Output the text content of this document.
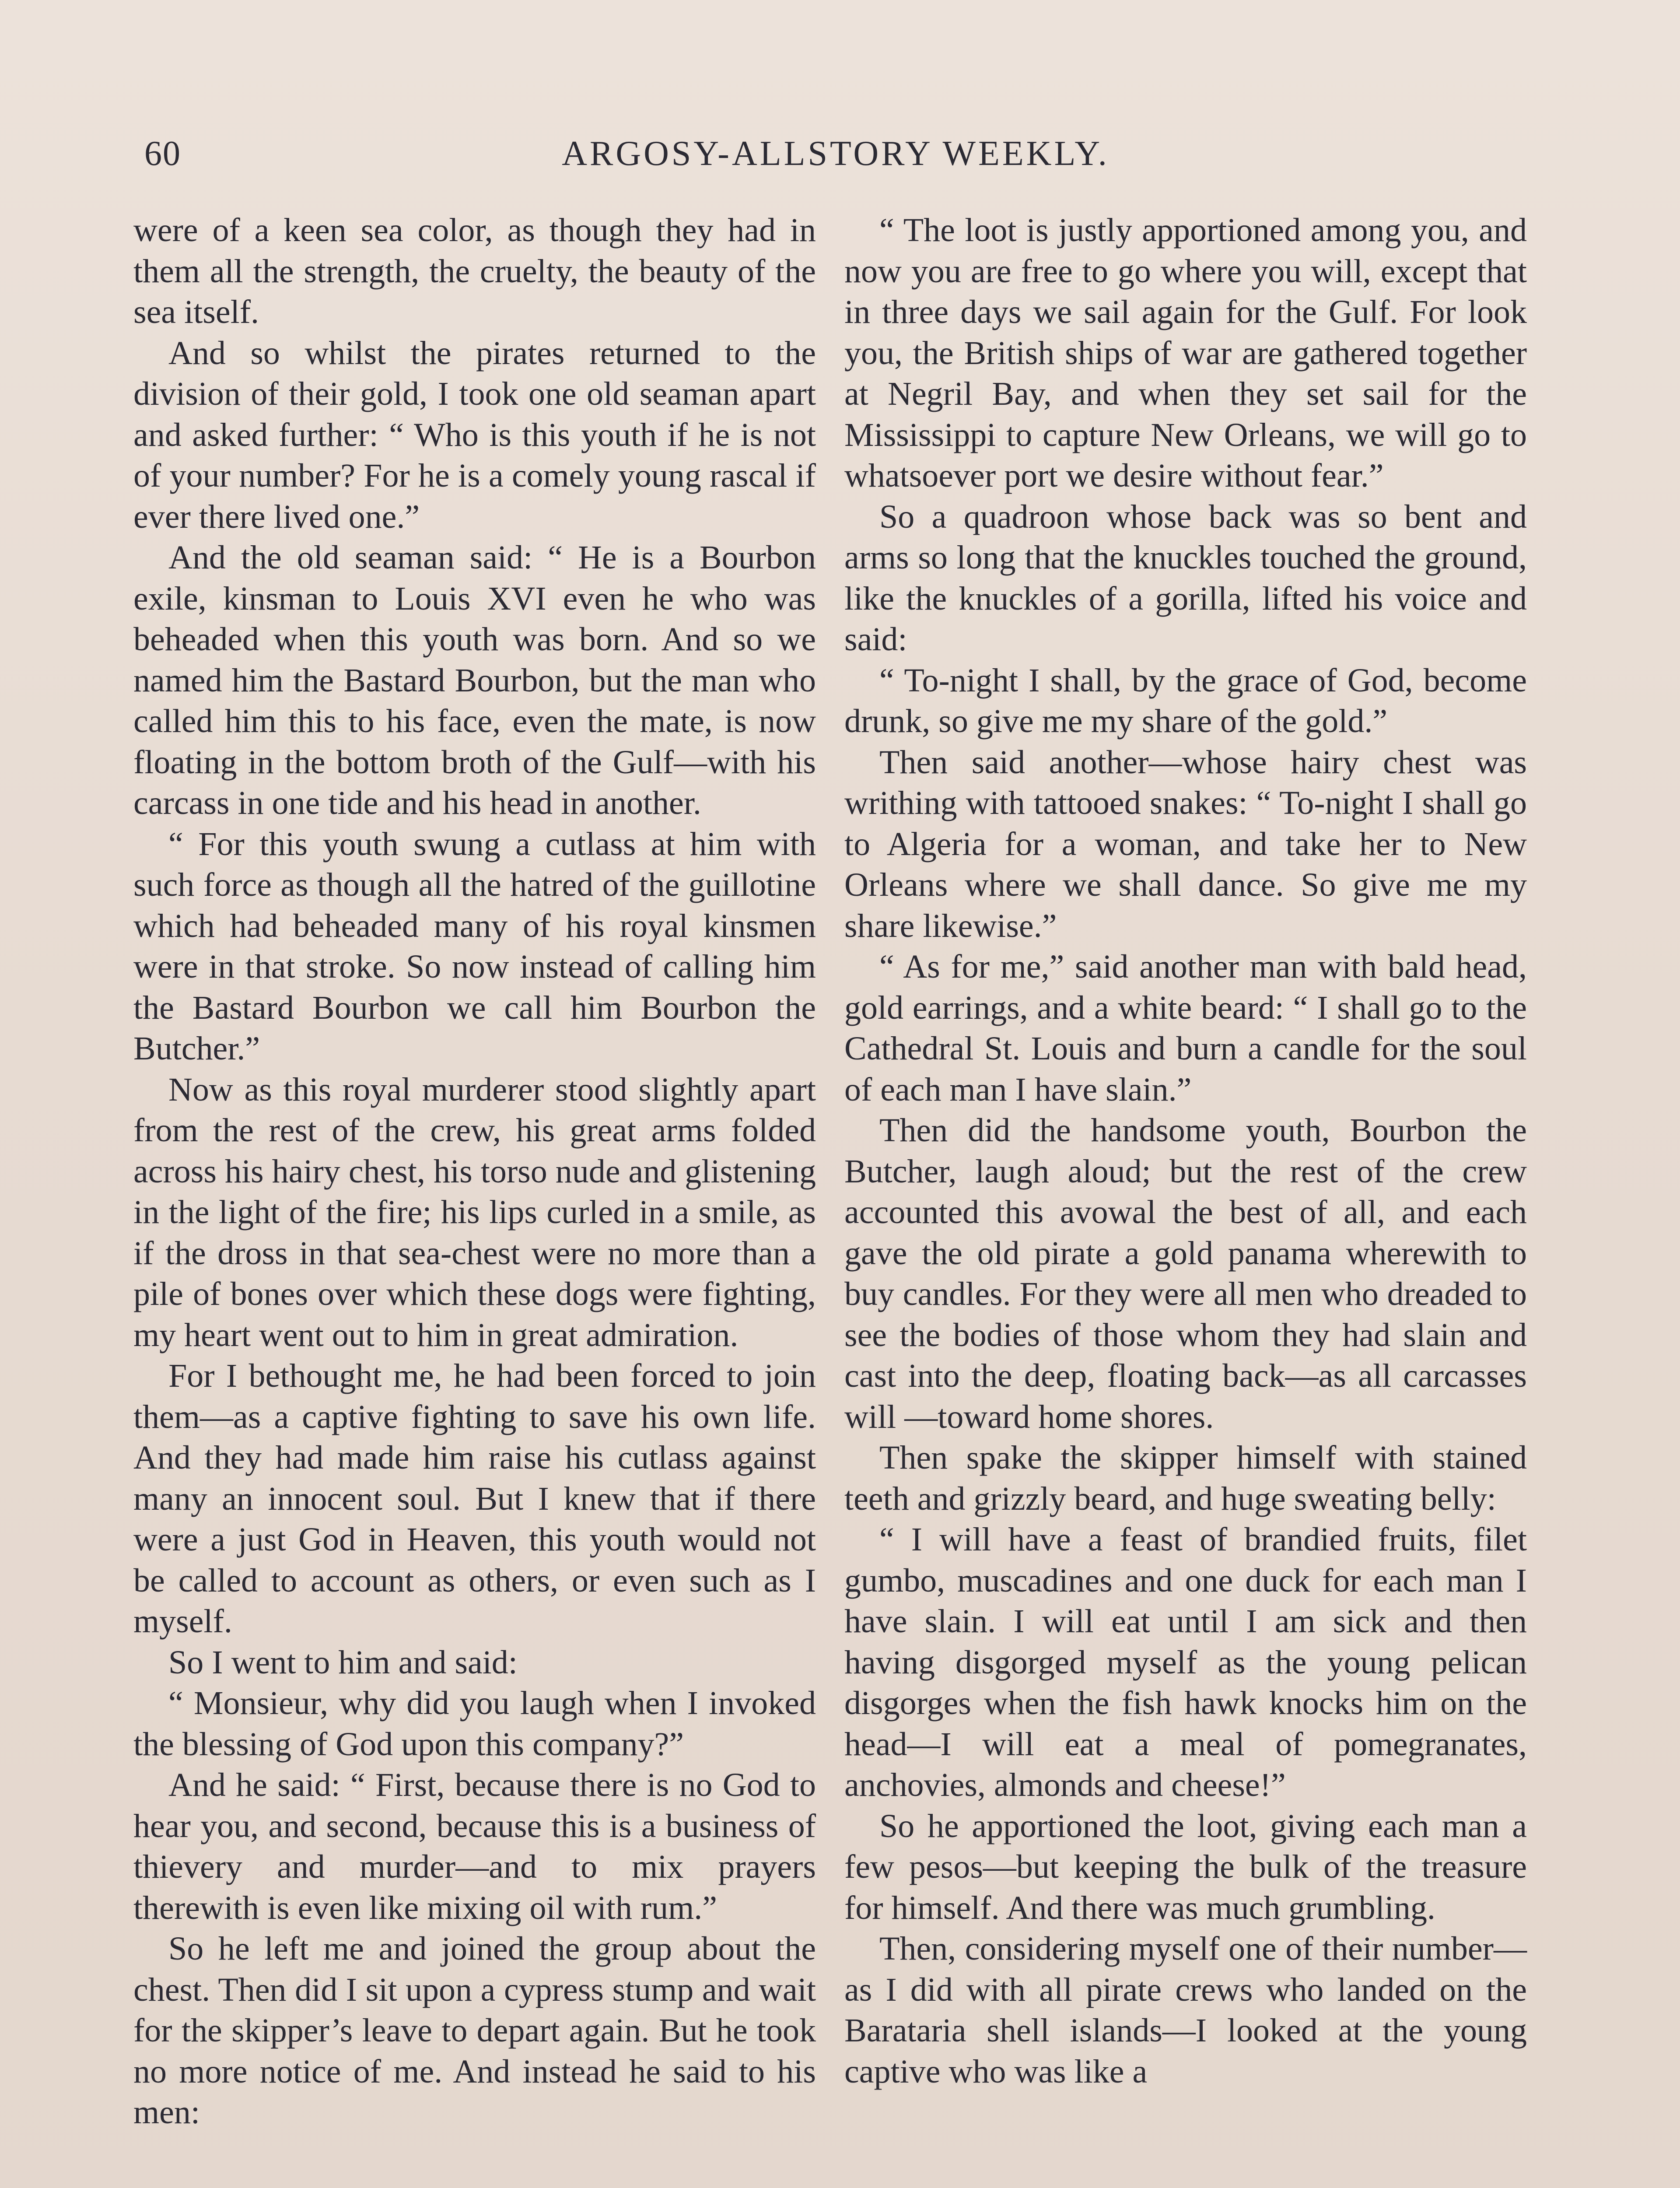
60	ARGOSY-ALLSTORY WEEKLY.

were of a keen sea color, as though they had in them all the strength, the cruelty, the beauty of the sea itself.

And so whilst the pirates returned to the division of their gold, I took one old seaman apart and asked further: “ Who is this youth if he is not of your number? For he is a comely young rascal if ever there lived one.”

And the old seaman said: “ He is a Bourbon exile, kinsman to Louis XVI even he who was beheaded when this youth was born. And so we named him the Bastard Bourbon, but the man who called him this to his face, even the mate, is now floating in the bottom broth of the Gulf—with his carcass in one tide and his head in another.

“ For this youth swung a cutlass at him with such force as though all the hatred of the guillotine which had beheaded many of his royal kinsmen were in that stroke. So now instead of calling him the Bastard Bourbon we call him Bourbon the Butcher.”

Now as this royal murderer stood slightly apart from the rest of the crew, his great arms folded across his hairy chest, his torso nude and glistening in the light of the fire; his lips curled in a smile, as if the dross in that sea-chest were no more than a pile of bones over which these dogs were fighting, my heart went out to him in great admiration.

For I bethought me, he had been forced to join them—as a captive fighting to save his own life. And they had made him raise his cutlass against many an innocent soul. But I knew that if there were a just God in Heaven, this youth would not be called to account as others, or even such as I myself.

So I went to him and said:

“ Monsieur, why did you laugh when I invoked the blessing of God upon this company?”

And he said: “ First, because there is no God to hear you, and second, because this is a business of thievery and murder—and to mix prayers therewith is even like mixing oil with rum.”

So he left me and joined the group about the chest. Then did I sit upon a cypress stump and wait for the skipper’s leave to depart again. But he took no more notice of me. And instead he said to his men:

“ The loot is justly apportioned among you, and now you are free to go where you will, except that in three days we sail again for the Gulf. For look you, the British ships of war are gathered together at Negril Bay, and when they set sail for the Mississippi to capture New Orleans, we will go to whatsoever port we desire without fear.”

So a quadroon whose back was so bent and arms so long that the knuckles touched the ground, like the knuckles of a gorilla, lifted his voice and said:

“ To-night I shall, by the grace of God, become drunk, so give me my share of the gold.”

Then said another—whose hairy chest was writhing with tattooed snakes: “ To-night I shall go to Algeria for a woman, and take her to New Orleans where we shall dance. So give me my share likewise.”

“ As for me,” said another man with bald head, gold earrings, and a white beard: “ I shall go to the Cathedral St. Louis and burn a candle for the soul of each man I have slain.”

Then did the handsome youth, Bourbon the Butcher, laugh aloud; but the rest of the crew accounted this avowal the best of all, and each gave the old pirate a gold panama wherewith to buy candles. For they were all men who dreaded to see the bodies of those whom they had slain and cast into the deep, floating back—as all carcasses will —toward home shores.

Then spake the skipper himself with stained teeth and grizzly beard, and huge sweating belly:

“ I will have a feast of brandied fruits, filet gumbo, muscadines and one duck for each man I have slain. I will eat until I am sick and then having disgorged myself as the young pelican disgorges when the fish hawk knocks him on the head—I will eat a meal of pomegranates, anchovies, almonds and cheese!”

So he apportioned the loot, giving each man a few pesos—but keeping the bulk of the treasure for himself. And there was much grumbling.

Then, considering myself one of their number—as I did with all pirate crews who landed on the Barataria shell islands—I looked at the young captive who was like a
